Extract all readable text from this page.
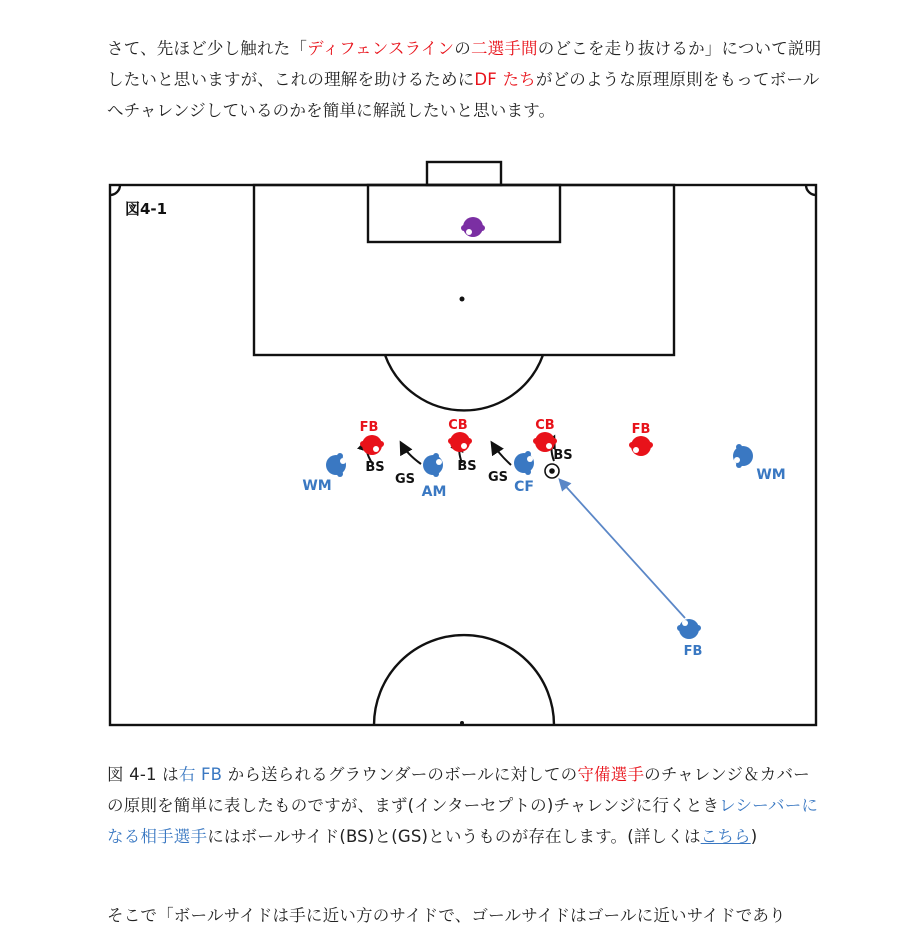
さて、先ほど少し触れた「ディフェンスラインの二選手間のどこを走り抜けるか」について説明したいと思いますが、これの理解を助けるためにDF たちがどのような原理原則をもってボールへチャレンジしているのかを簡単に解説したいと思います。

図4-1
FB	CB	CB	FB
WM	AM	CF
WM
FB
BS
GS
BS
GS
BS

図 4-1 は右 FB から送られるグラウンダーのボールに対しての守備選手のチャレンジ＆カバーの原則を簡単に表したものですが、まず(インターセプトの)チャレンジに行くときレシーバーになる相手選手にはボールサイド(BS)と(GS)というものが存在します。(詳しくはこちら)

そこで「ボールサイドは手に近い方のサイドで、ゴールサイドはゴールに近いサイドであり
